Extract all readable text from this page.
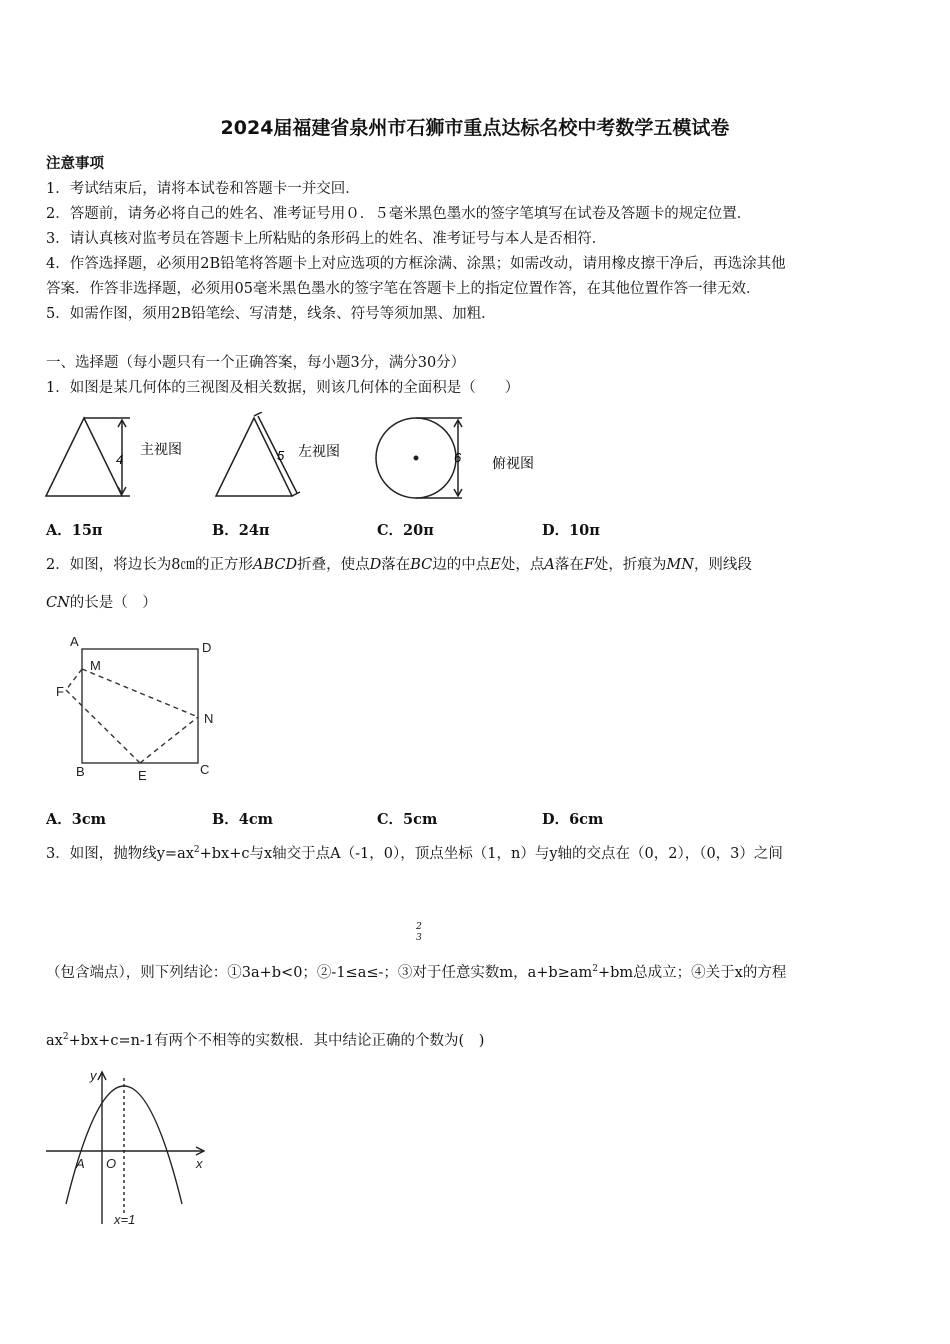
2024届福建省泉州市石狮市重点达标名校中考数学五模试卷
注意事项
1．考试结束后，请将本试卷和答题卡一并交回．
2．答题前，请务必将自己的姓名、准考证号用０．５毫米黑色墨水的签字笔填写在试卷及答题卡的规定位置．
3．请认真核对监考员在答题卡上所粘贴的条形码上的姓名、准考证号与本人是否相符．
4．作答选择题，必须用2B铅笔将答题卡上对应选项的方框涂满、涂黑；如需改动，请用橡皮擦干净后，再选涂其他
答案．作答非选择题，必须用05毫米黑色墨水的签字笔在答题卡上的指定位置作答，在其他位置作答一律无效．
5．如需作图，须用2B铅笔绘、写清楚，线条、符号等须加黑、加粗．
一、选择题（每小题只有一个正确答案，每小题3分，满分30分）
1．如图是某几何体的三视图及相关数据，则该几何体的全面积是（　　）
4
主视图	5 左视图	6 俯视图
A．15π	B．24π	C．20π	D．10π
2．如图，将边长为8㎝的正方形ABCD折叠，使点D落在BC边的中点E处，点A落在F处，折痕为MN，则线段
CN的长是（　）
A
M
D
F
N
B	E	C
A．3cm	B．4cm	C．5cm	D．6cm
3．如图，抛物线$y=ax^2+bx+c$与x轴交于点A（-1，0），顶点坐标（1，n）与y轴的交点在（0，2），（0，3）之间
2
3
（包含端点），则下列结论：①3a+b<0；②-1≤a≤-；③对于任意实数m，$a+b\ge am^2+bm$总成立；④关于x的方程
$ax^2+bx+c=n-1$有两个不相等的实数根．其中结论正确的个数为(　)
y
x
A O
x=1
